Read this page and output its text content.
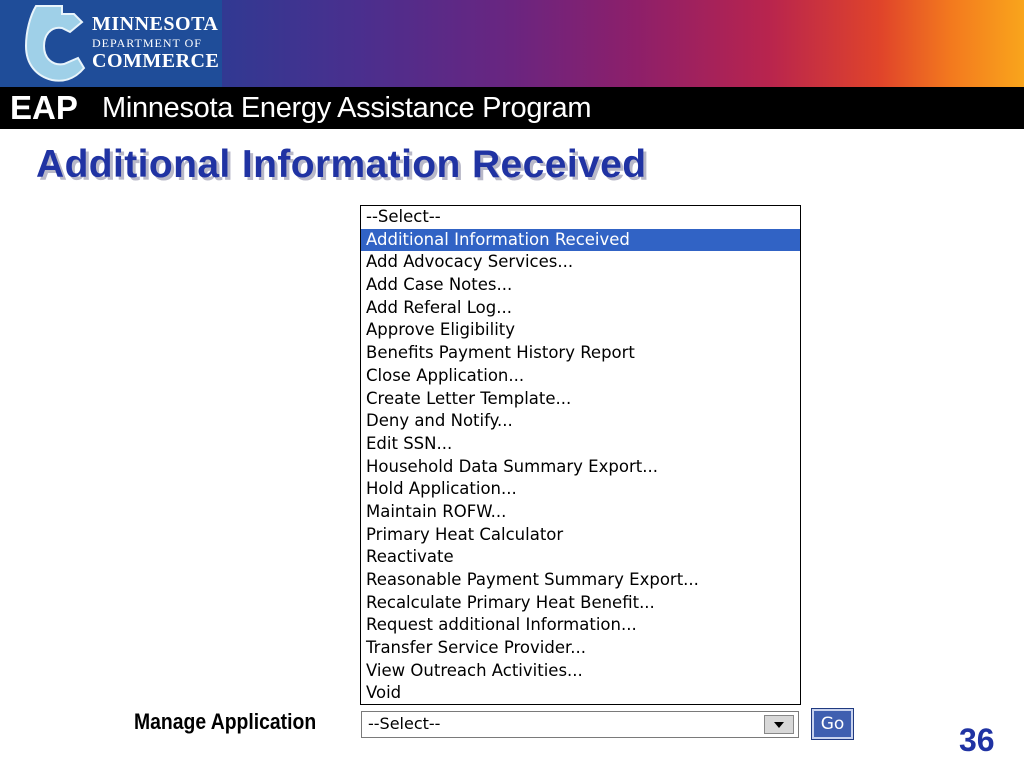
MINNESOTA
DEPARTMENT OF
COMMERCE
EAP Minnesota Energy Assistance Program
Additional Information Received
--Select--
Additional Information Received
Add Advocacy Services...
Add Case Notes...
Add Referal Log...
Approve Eligibility
Benefits Payment History Report
Close Application...
Create Letter Template...
Deny and Notify...
Edit SSN...
Household Data Summary Export...
Hold Application...
Maintain ROFW...
Primary Heat Calculator
Reactivate
Reasonable Payment Summary Export...
Recalculate Primary Heat Benefit...
Request additional Information...
Transfer Service Provider...
View Outreach Activities...
Void
Manage Application	--Select--	Go	36
